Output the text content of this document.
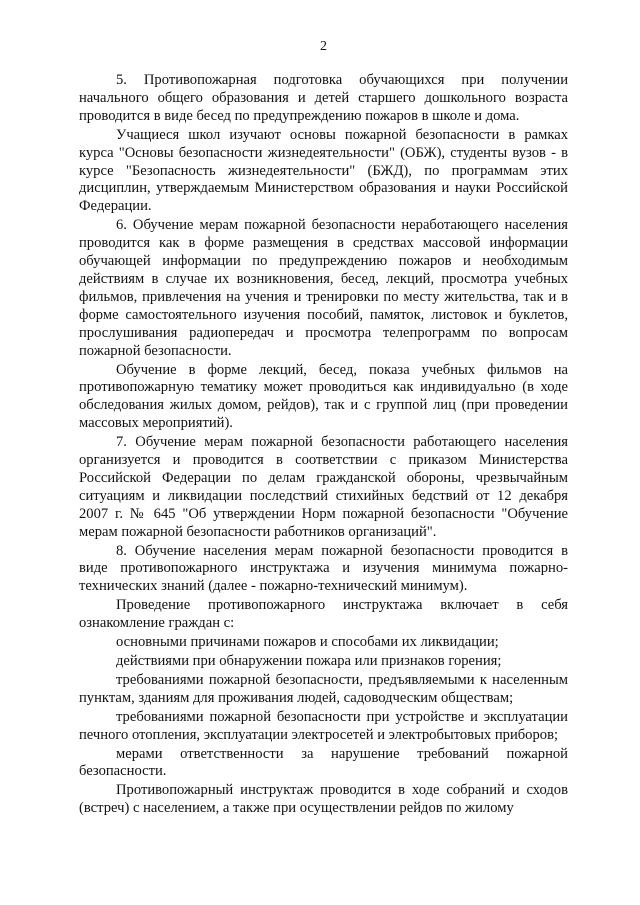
2

5. Противопожарная подготовка обучающихся при получении начального общего образования и детей старшего дошкольного возраста проводится в виде бесед по предупреждению пожаров в школе и дома.

Учащиеся школ изучают основы пожарной безопасности в рамках курса "Основы безопасности жизнедеятельности" (ОБЖ), студенты вузов - в курсе "Безопасность жизнедеятельности" (БЖД), по программам этих дисциплин, утверждаемым Министерством образования и науки Российской Федерации.

6. Обучение мерам пожарной безопасности неработающего населения проводится как в форме размещения в средствах массовой информации обучающей информации по предупреждению пожаров и необходимым действиям в случае их возникновения, бесед, лекций, просмотра учебных фильмов, привлечения на учения и тренировки по месту жительства, так и в форме самостоятельного изучения пособий, памяток, листовок и буклетов, прослушивания радиопередач и просмотра телепрограмм по вопросам пожарной безопасности.

Обучение в форме лекций, бесед, показа учебных фильмов на противопожарную тематику может проводиться как индивидуально (в ходе обследования жилых домом, рейдов), так и с группой лиц (при проведении массовых мероприятий).

7. Обучение мерам пожарной безопасности работающего населения организуется и проводится в соответствии с приказом Министерства Российской Федерации по делам гражданской обороны, чрезвычайным ситуациям и ликвидации последствий стихийных бедствий от 12 декабря 2007 г. № 645 "Об утверждении Норм пожарной безопасности "Обучение мерам пожарной безопасности работников организаций".

8. Обучение населения мерам пожарной безопасности проводится в виде противопожарного инструктажа и изучения минимума пожарно-технических знаний (далее - пожарно-технический минимум).

Проведение противопожарного инструктажа включает в себя ознакомление граждан с:

основными причинами пожаров и способами их ликвидации;

действиями при обнаружении пожара или признаков горения;

требованиями пожарной безопасности, предъявляемыми к населенным пунктам, зданиям для проживания людей, садоводческим обществам;

требованиями пожарной безопасности при устройстве и эксплуатации печного отопления, эксплуатации электросетей и электробытовых приборов;

мерами ответственности за нарушение требований пожарной безопасности.

Противопожарный инструктаж проводится в ходе собраний и сходов (встреч) с населением, а также при осуществлении рейдов по жилому
